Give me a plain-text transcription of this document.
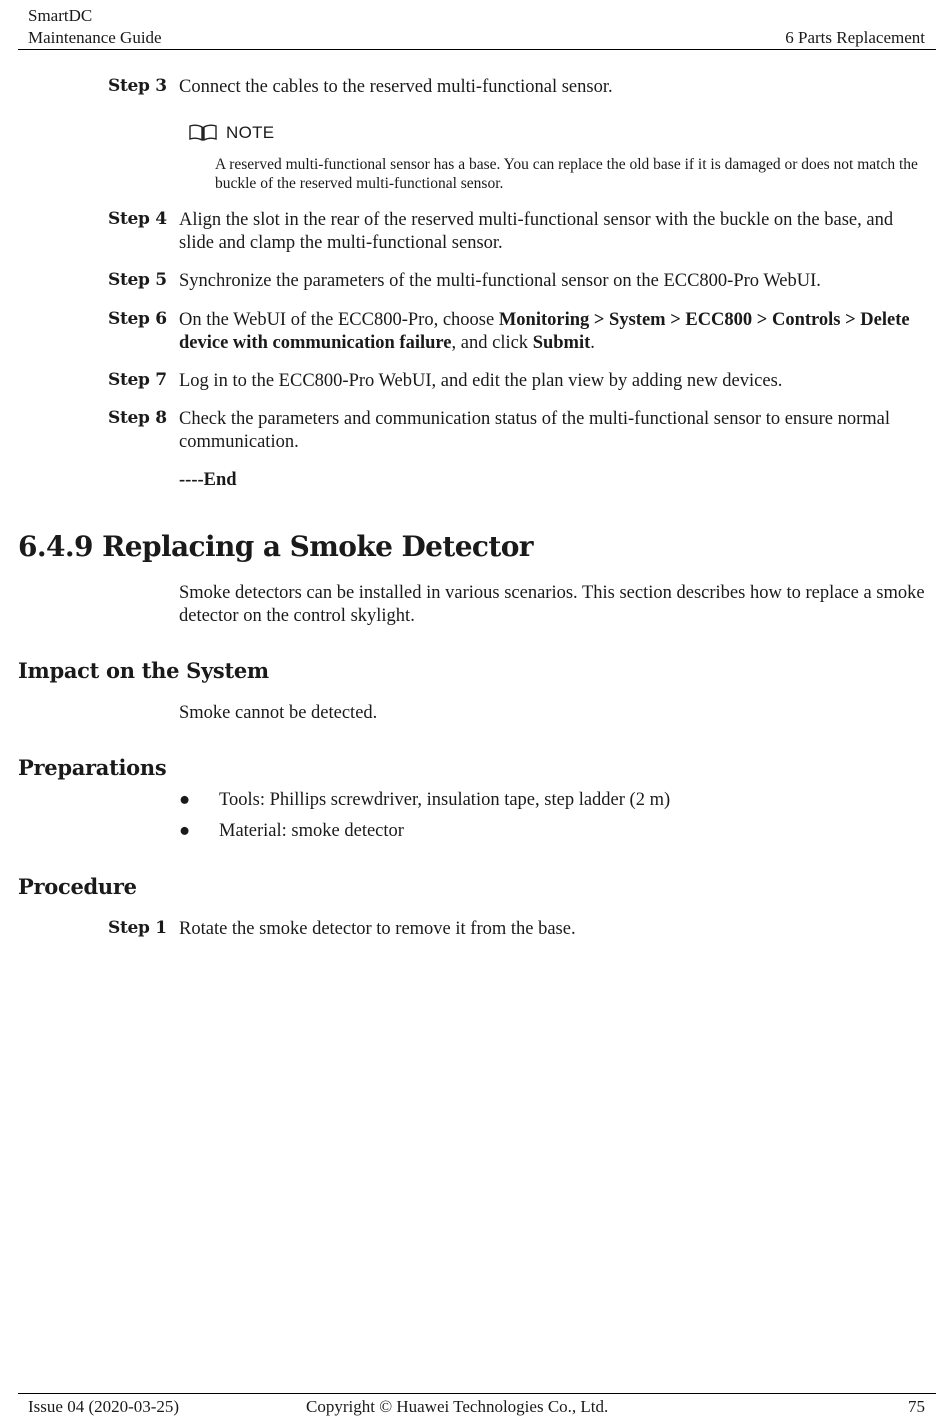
SmartDC
Maintenance Guide	6 Parts Replacement
Step 3 Connect the cables to the reserved multi-functional sensor.
NOTE
A reserved multi-functional sensor has a base. You can replace the old base if it is damaged or does not match the buckle of the reserved multi-functional sensor.
Step 4 Align the slot in the rear of the reserved multi-functional sensor with the buckle on the base, and slide and clamp the multi-functional sensor.
Step 5 Synchronize the parameters of the multi-functional sensor on the ECC800-Pro WebUI.
Step 6 On the WebUI of the ECC800-Pro, choose Monitoring > System > ECC800 > Controls > Delete device with communication failure, and click Submit.
Step 7 Log in to the ECC800-Pro WebUI, and edit the plan view by adding new devices.
Step 8 Check the parameters and communication status of the multi-functional sensor to ensure normal communication.
----End
6.4.9 Replacing a Smoke Detector
Smoke detectors can be installed in various scenarios. This section describes how to replace a smoke detector on the control skylight.
Impact on the System
Smoke cannot be detected.
Preparations
●	Tools: Phillips screwdriver, insulation tape, step ladder (2 m)
●	Material: smoke detector
Procedure
Step 1 Rotate the smoke detector to remove it from the base.
Issue 04 (2020-03-25)	Copyright © Huawei Technologies Co., Ltd.	75
